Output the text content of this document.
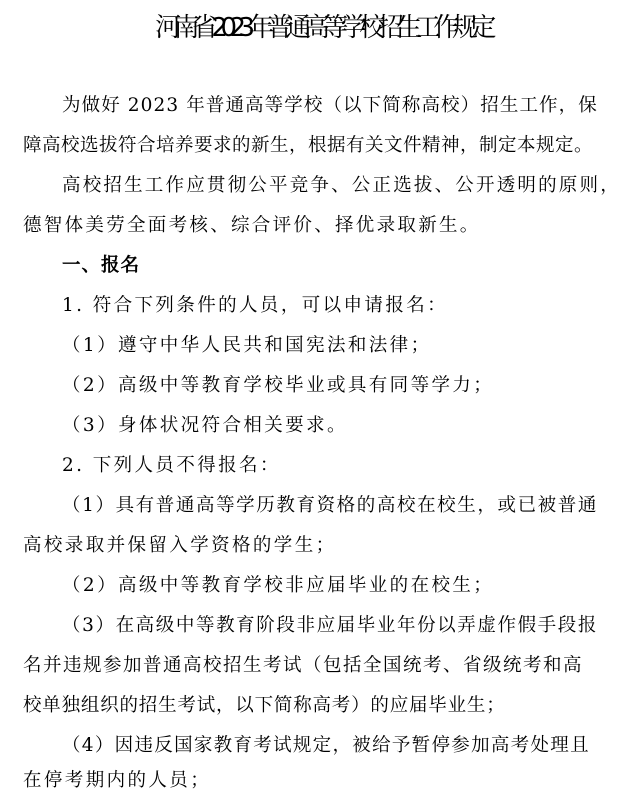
河南省 2023 年普通高等学校招生工作规定
为做好 2023 年普通高等学校（以下简称高校）招生工作，保
障高校选拔符合培养要求的新生，根据有关文件精神，制定本规定。
高校招生工作应贯彻公平竞争、公正选拔、公开透明的原则，
德智体美劳全面考核、综合评价、择优录取新生。
一、报名
1. 符合下列条件的人员，可以申请报名：
（1）遵守中华人民共和国宪法和法律；
（2）高级中等教育学校毕业或具有同等学力；
（3）身体状况符合相关要求。
2. 下列人员不得报名：
（1）具有普通高等学历教育资格的高校在校生，或已被普通
高校录取并保留入学资格的学生；
（2）高级中等教育学校非应届毕业的在校生；
（3）在高级中等教育阶段非应届毕业年份以弄虚作假手段报
名并违规参加普通高校招生考试（包括全国统考、省级统考和高
校单独组织的招生考试，以下简称高考）的应届毕业生；
（4）因违反国家教育考试规定，被给予暂停参加高考处理且
在停考期内的人员；
